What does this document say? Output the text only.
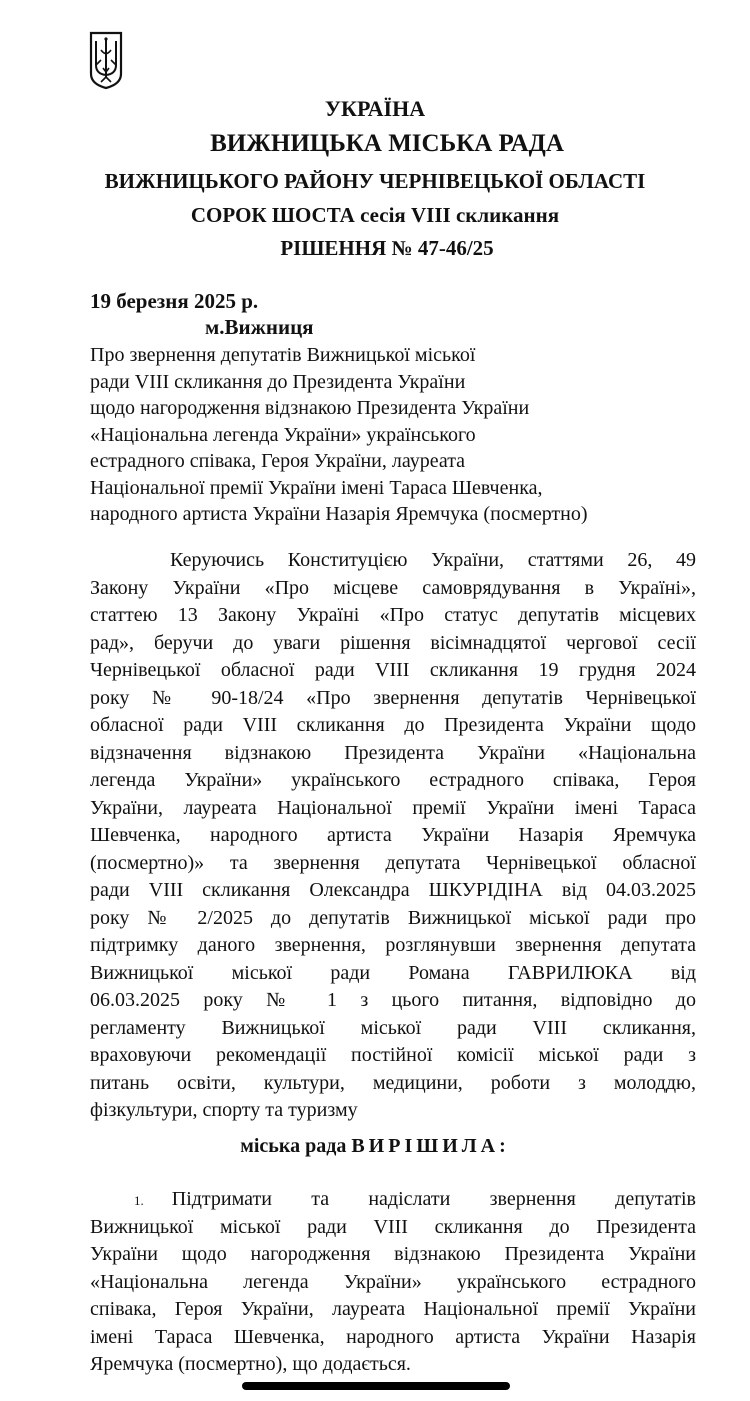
УКРАЇНА
ВИЖНИЦЬКА МІСЬКА РАДА
ВИЖНИЦЬКОГО РАЙОНУ ЧЕРНІВЕЦЬКОЇ ОБЛАСТІ
СОРОК ШОСТА сесія VIII скликання
РІШЕННЯ № 47-46/25
19 березня 2025 р.
м.Вижниця
Про звернення депутатів Вижницької міської
ради VIII скликання до Президента України
щодо нагородження відзнакою Президента України
«Національна легенда України» українського
естрадного співака, Героя України, лауреата
Національної премії України імені Тараса Шевченка,
народного артиста України Назарія Яремчука (посмертно)
Керуючись Конституцією України, статтями 26, 49
Закону України «Про місцеве самоврядування в Україні»,
статтею 13 Закону Україні «Про статус депутатів місцевих
рад», беручи до уваги рішення вісімнадцятої чергової сесії
Чернівецької обласної ради VIII скликання 19 грудня 2024
року № 90-18/24 «Про звернення депутатів Чернівецької
обласної ради VIII скликання до Президента України щодо
відзначення відзнакою Президента України «Національна
легенда України» українського естрадного співака, Героя
України, лауреата Національної премії України імені Тараса
Шевченка, народного артиста України Назарія Яремчука
(посмертно)» та звернення депутата Чернівецької обласної
ради VIII скликання Олександра ШКУРІДІНА від 04.03.2025
року № 2/2025 до депутатів Вижницької міської ради про
підтримку даного звернення, розглянувши звернення депутата
Вижницької міської ради Романа ГАВРИЛЮКА від
06.03.2025 року № 1 з цього питання, відповідно до
регламенту Вижницької міської ради VIII скликання,
враховуючи рекомендації постійної комісії міської ради з
питань освіти, культури, медицини, роботи з молоддю,
фізкультури, спорту та туризму
міська рада ВИРІШИЛА:
1. Підтримати та надіслати звернення депутатів
Вижницької міської ради VIII скликання до Президента
України щодо нагородження відзнакою Президента України
«Національна легенда України» українського естрадного
співака, Героя України, лауреата Національної премії України
імені Тараса Шевченка, народного артиста України Назарія
Яремчука (посмертно), що додається.
